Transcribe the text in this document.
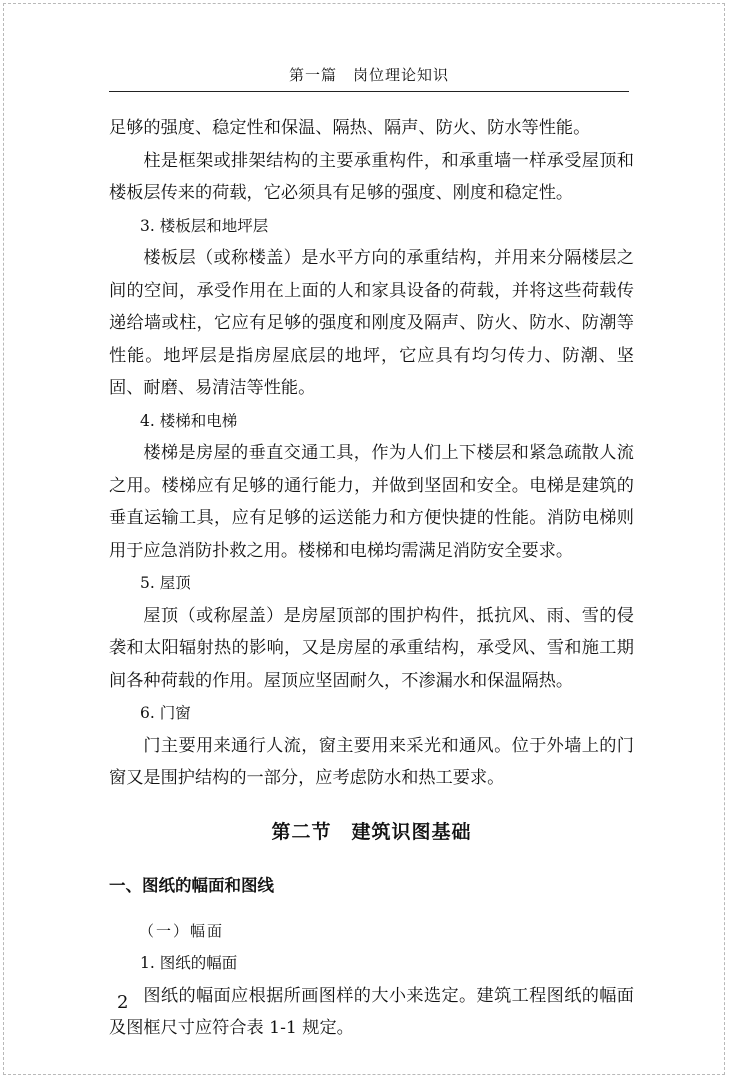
第一篇　岗位理论知识

足够的强度、稳定性和保温、隔热、隔声、防火、防水等性能。

柱是框架或排架结构的主要承重构件，和承重墙一样承受屋顶和楼板层传来的荷载，它必须具有足够的强度、刚度和稳定性。

3. 楼板层和地坪层

楼板层（或称楼盖）是水平方向的承重结构，并用来分隔楼层之间的空间，承受作用在上面的人和家具设备的荷载，并将这些荷载传递给墙或柱，它应有足够的强度和刚度及隔声、防火、防水、防潮等性能。地坪层是指房屋底层的地坪，它应具有均匀传力、防潮、坚固、耐磨、易清洁等性能。

4. 楼梯和电梯

楼梯是房屋的垂直交通工具，作为人们上下楼层和紧急疏散人流之用。楼梯应有足够的通行能力，并做到坚固和安全。电梯是建筑的垂直运输工具，应有足够的运送能力和方便快捷的性能。消防电梯则用于应急消防扑救之用。楼梯和电梯均需满足消防安全要求。

5. 屋顶

屋顶（或称屋盖）是房屋顶部的围护构件，抵抗风、雨、雪的侵袭和太阳辐射热的影响，又是房屋的承重结构，承受风、雪和施工期间各种荷载的作用。屋顶应坚固耐久，不渗漏水和保温隔热。

6. 门窗

门主要用来通行人流，窗主要用来采光和通风。位于外墙上的门窗又是围护结构的一部分，应考虑防水和热工要求。

第二节　建筑识图基础
一、图纸的幅面和图线

（一）幅面

1. 图纸的幅面

图纸的幅面应根据所画图样的大小来选定。建筑工程图纸的幅面及图框尺寸应符合表 1-1 规定。

2
